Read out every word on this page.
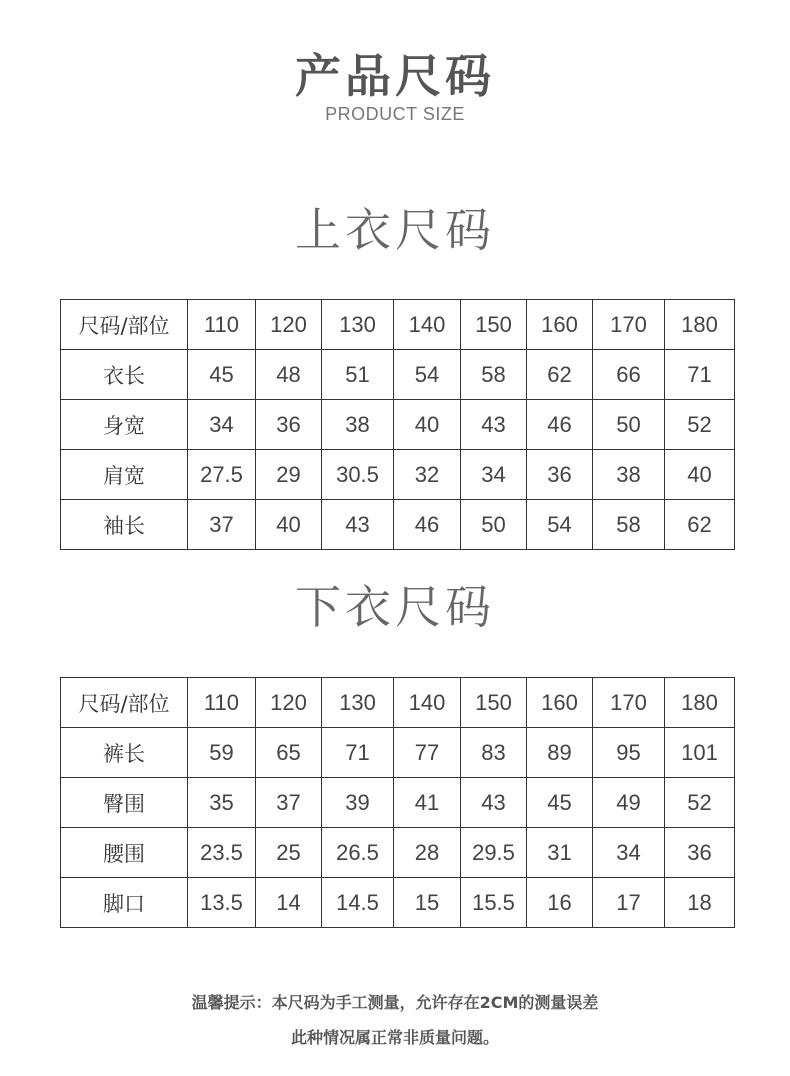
产品尺码
PRODUCT SIZE
上衣尺码
尺码/部位	110	120	130	140	150	160	170	180
衣长	45	48	51	54	58	62	66	71
身宽	34	36	38	40	43	46	50	52
肩宽	27.5	29	30.5	32	34	36	38	40
袖长	37	40	43	46	50	54	58	62
下衣尺码
尺码/部位	110	120	130	140	150	160	170	180
裤长	59	65	71	77	83	89	95	101
臀围	35	37	39	41	43	45	49	52
腰围	23.5	25	26.5	28	29.5	31	34	36
脚口	13.5	14	14.5	15	15.5	16	17	18
温馨提示：本尺码为手工测量，允许存在2CM的测量误差
此种情况属正常非质量问题。
